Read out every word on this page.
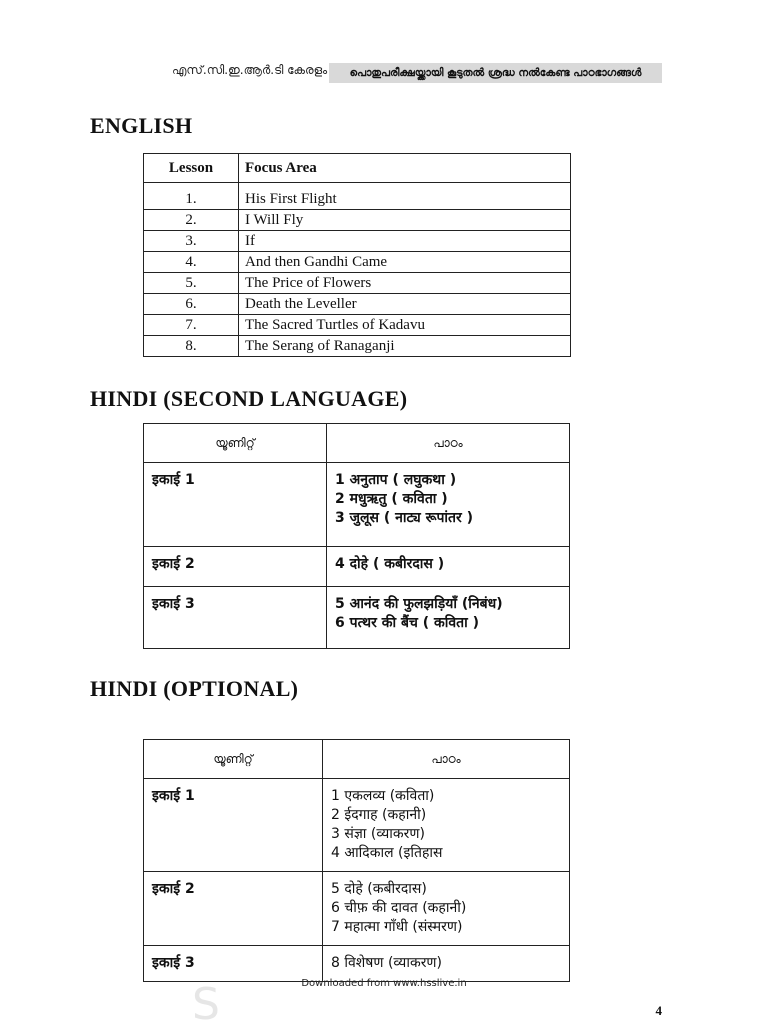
എസ്.സി.ഇ.ആർ.ടി കേരളം	പൊതുപരീക്ഷയ്ക്കായി കൂടുതൽ ശ്രദ്ധ നൽകേണ്ട പാഠഭാഗങ്ങൾ
ENGLISH
Lesson	Focus Area
1.	His First Flight
2.	I Will Fly
3.	If
4.	And then Gandhi Came
5.	The Price of Flowers
6.	Death the Leveller
7.	The Sacred Turtles of Kadavu
8.	The Serang of Ranaganji
HINDI (SECOND LANGUAGE)
യൂണിറ്റ്	പാഠം
इकाई 1	1 अनुताप ( लघुकथा )
2 मधुऋतु ( कविता )
3 जुलूस ( नाट्य रूपांतर )

इकाई 2	4 दोहे ( कबीरदास )

इकाई 3	5 आनंद की फुलझड़ियाँ (निबंध)
6 पत्थर की बैंच ( कविता )
HINDI (OPTIONAL)
യൂണിറ്റ്	പാഠം
इकाई 1	1 एकलव्य (कविता)
2 ईदगाह (कहानी)
3 संज्ञा (व्याकरण)
4 आदिकाल (इतिहास

इकाई 2	5 दोहे (कबीरदास)
6 चीफ़ की दावत (कहानी)
7 महात्मा गाँधी (संस्मरण)

इकाई 3	8 विशेषण (व्याकरण)
S	Downloaded from www.hsslive.in
4
